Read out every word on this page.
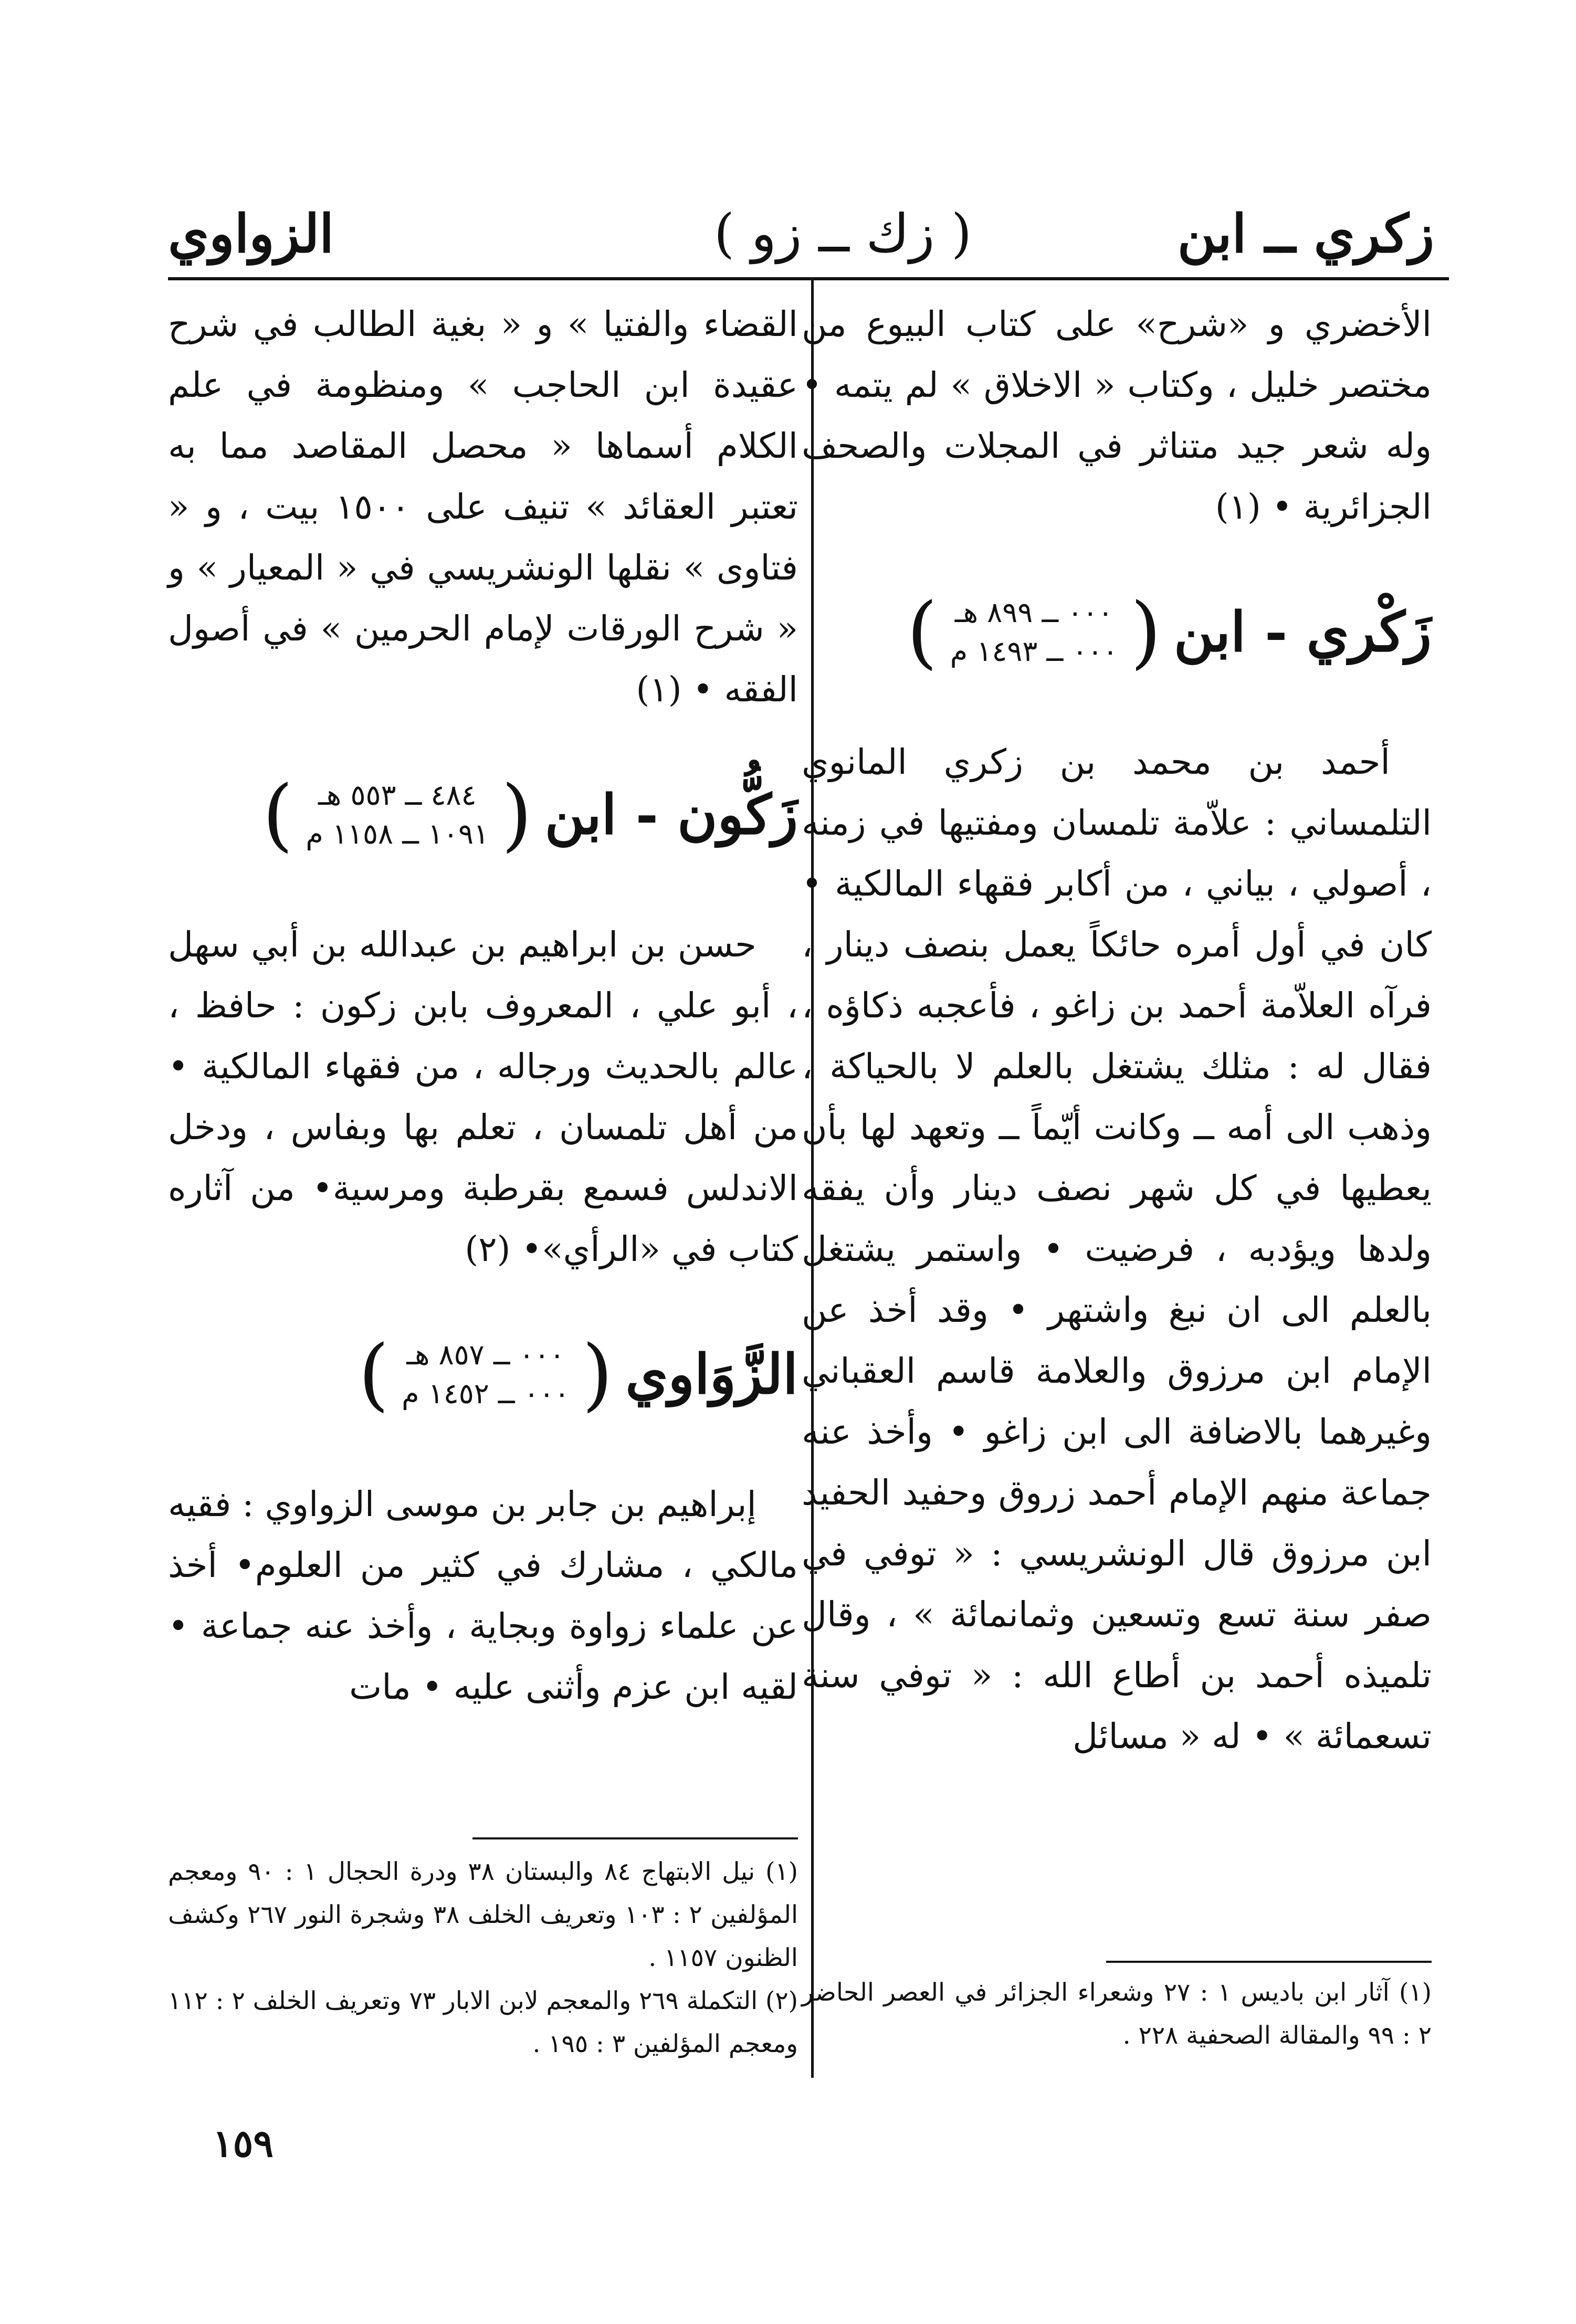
زكري ــ ابن
( زك ــ زو )
الزواوي

الأخضري و «شرح» على كتاب البيوع من مختصر خليل ، وكتاب « الاخلاق » لم يتمه • وله شعر جيد متناثر في المجلات والصحف الجزائرية • (١)

زَكْري - ابن
(
٠٠٠ ــ ٨٩٩ هـ
٠٠٠ ــ ١٤٩٣ م
)

أحمد بن محمد بن زكري المانوي التلمساني : علاّمة تلمسان ومفتيها في زمنه ، أصولي ، بياني ، من أكابر فقهاء المالكية • كان في أول أمره حائكاً يعمل بنصف دينار ، فرآه العلاّمة أحمد بن زاغو ، فأعجبه ذكاؤه ، فقال له : مثلك يشتغل بالعلم لا بالحياكة ، وذهب الى أمه ــ وكانت أيّماً ــ وتعهد لها بأن يعطيها في كل شهر نصف دينار وأن يفقه ولدها ويؤدبه ، فرضيت • واستمر يشتغل بالعلم الى ان نبغ واشتهر • وقد أخذ عن الإمام ابن مرزوق والعلامة قاسم العقباني وغيرهما بالاضافة الى ابن زاغو • وأخذ عنه جماعة منهم الإمام أحمد زروق وحفيد الحفيد ابن مرزوق قال الونشريسي : « توفي في صفر سنة تسع وتسعين وثمانمائة » ، وقال تلميذه أحمد بن أطاع الله : « توفي سنة تسعمائة » • له « مسائل

(١) آثار ابن باديس ١ : ٢٧ وشعراء الجزائر في العصر الحاضر ٢ : ٩٩ والمقالة الصحفية ٢٢٨ .

القضاء والفتيا » و « بغية الطالب في شرح عقيدة ابن الحاجب » ومنظومة في علم الكلام أسماها « محصل المقاصد مما به تعتبر العقائد » تنيف على ١٥٠٠ بيت ، و « فتاوى » نقلها الونشريسي في « المعيار » و « شرح الورقات لإمام الحرمين » في أصول الفقه • (١)

زَكُّون - ابن
(
٤٨٤ ــ ٥٥٣ هـ
١٠٩١ ــ ١١٥٨ م
)

حسن بن ابراهيم بن عبدالله بن أبي سهل ، أبو علي ، المعروف بابن زكون : حافظ ، عالم بالحديث ورجاله ، من فقهاء المالكية • من أهل تلمسان ، تعلم بها وبفاس ، ودخل الاندلس فسمع بقرطبة ومرسية• من آثاره كتاب في «الرأي»• (٢)

الزَّوَاوي
(
٠٠٠ ــ ٨٥٧ هـ
٠٠٠ ــ ١٤٥٢ م
)

إبراهيم بن جابر بن موسى الزواوي : فقيه مالكي ، مشارك في كثير من العلوم• أخذ عن علماء زواوة وبجاية ، وأخذ عنه جماعة • لقيه ابن عزم وأثنى عليه • مات

(١) نيل الابتهاج ٨٤ والبستان ٣٨ ودرة الحجال ١ : ٩٠ ومعجم المؤلفين ٢ : ١٠٣ وتعريف الخلف ٣٨ وشجرة النور ٢٦٧ وكشف الظنون ١١٥٧ .

(٢) التكملة ٢٦٩ والمعجم لابن الابار ٧٣ وتعريف الخلف ٢ : ١١٢ ومعجم المؤلفين ٣ : ١٩٥ .

١٥٩
